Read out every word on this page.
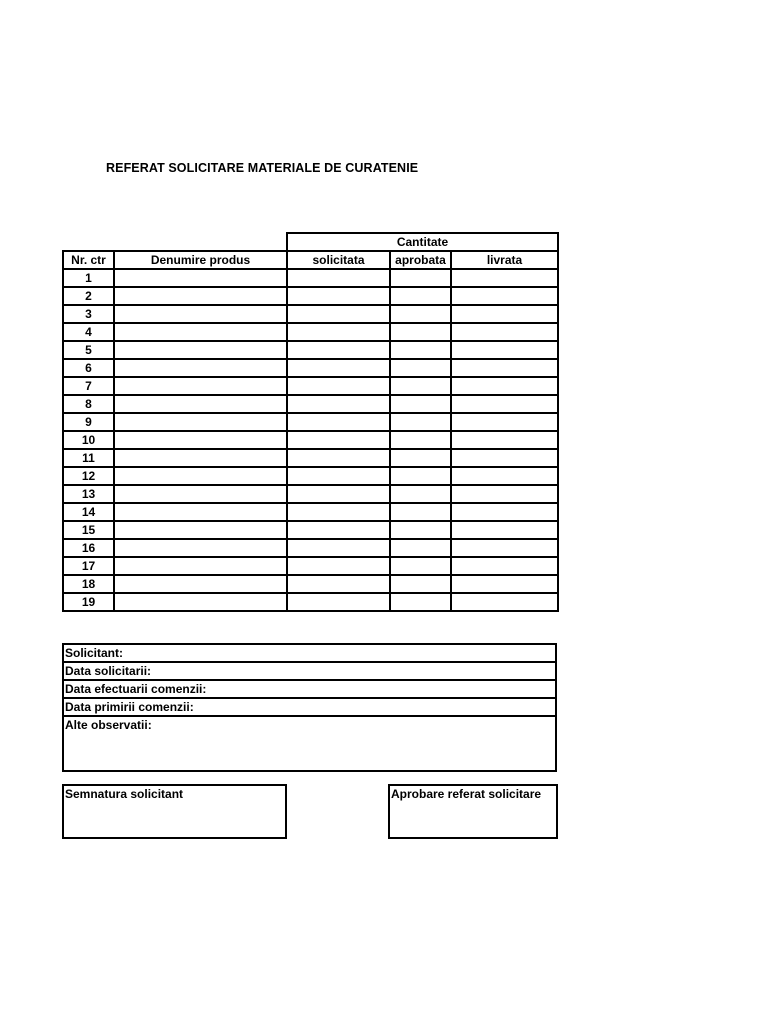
REFERAT SOLICITARE MATERIALE DE CURATENIE
		Cantitate		
Nr. ctr	Denumire produs	solicitata	aprobata	livrata
1				
2				
3				
4				
5				
6				
7				
8				
9				
10				
11				
12				
13				
14				
15				
16				
17				
18				
19				
Solicitant:
Data solicitarii:
Data efectuarii comenzii:
Data primirii comenzii:
Alte observatii:
Semnatura solicitant	Aprobare referat solicitare
